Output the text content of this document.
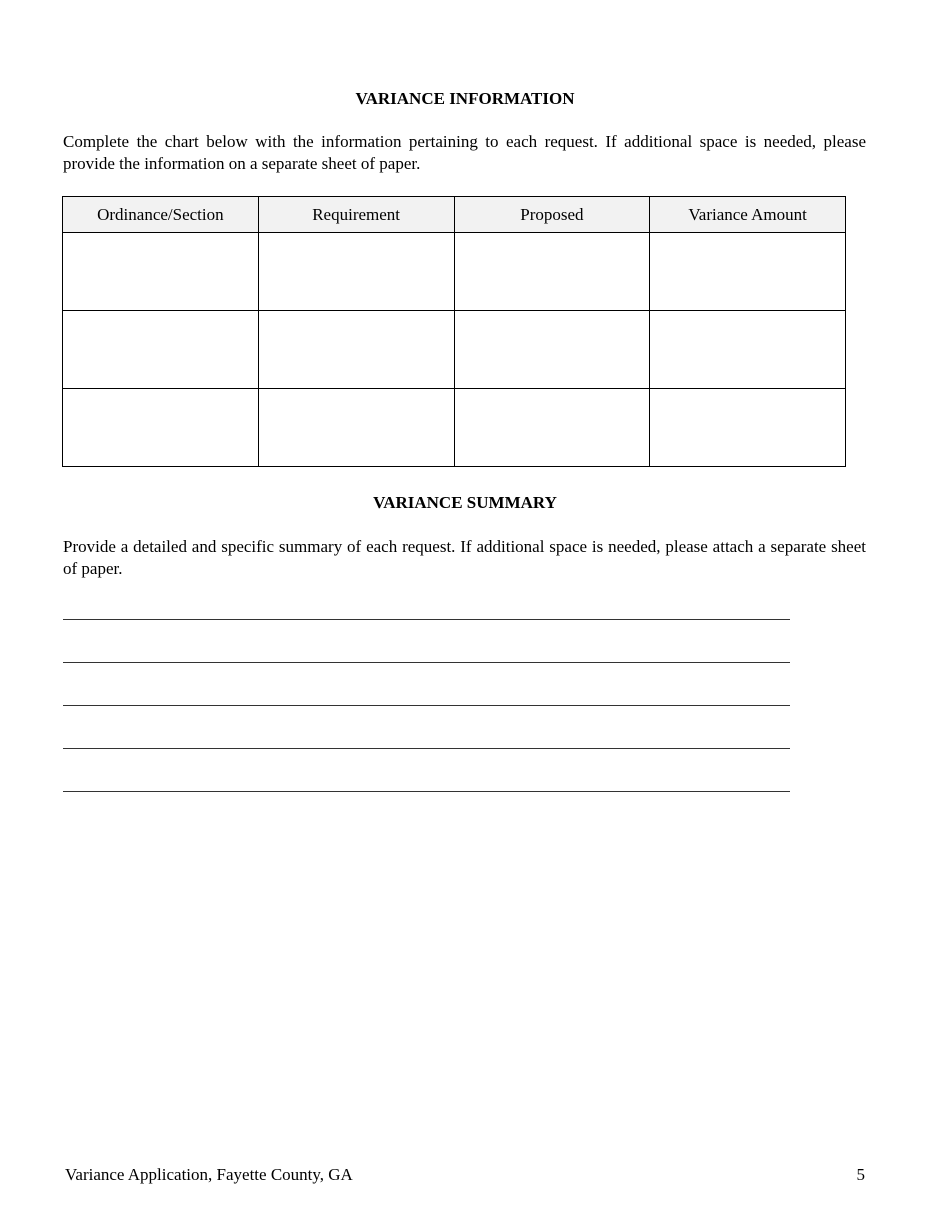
VARIANCE INFORMATION

Complete the chart below with the information pertaining to each request. If additional space is needed, please provide the information on a separate sheet of paper.

Ordinance/Section	Requirement	Proposed	Variance Amount

VARIANCE SUMMARY

Provide a detailed and specific summary of each request. If additional space is needed, please attach a separate sheet of paper.

Variance Application, Fayette County, GA	5
